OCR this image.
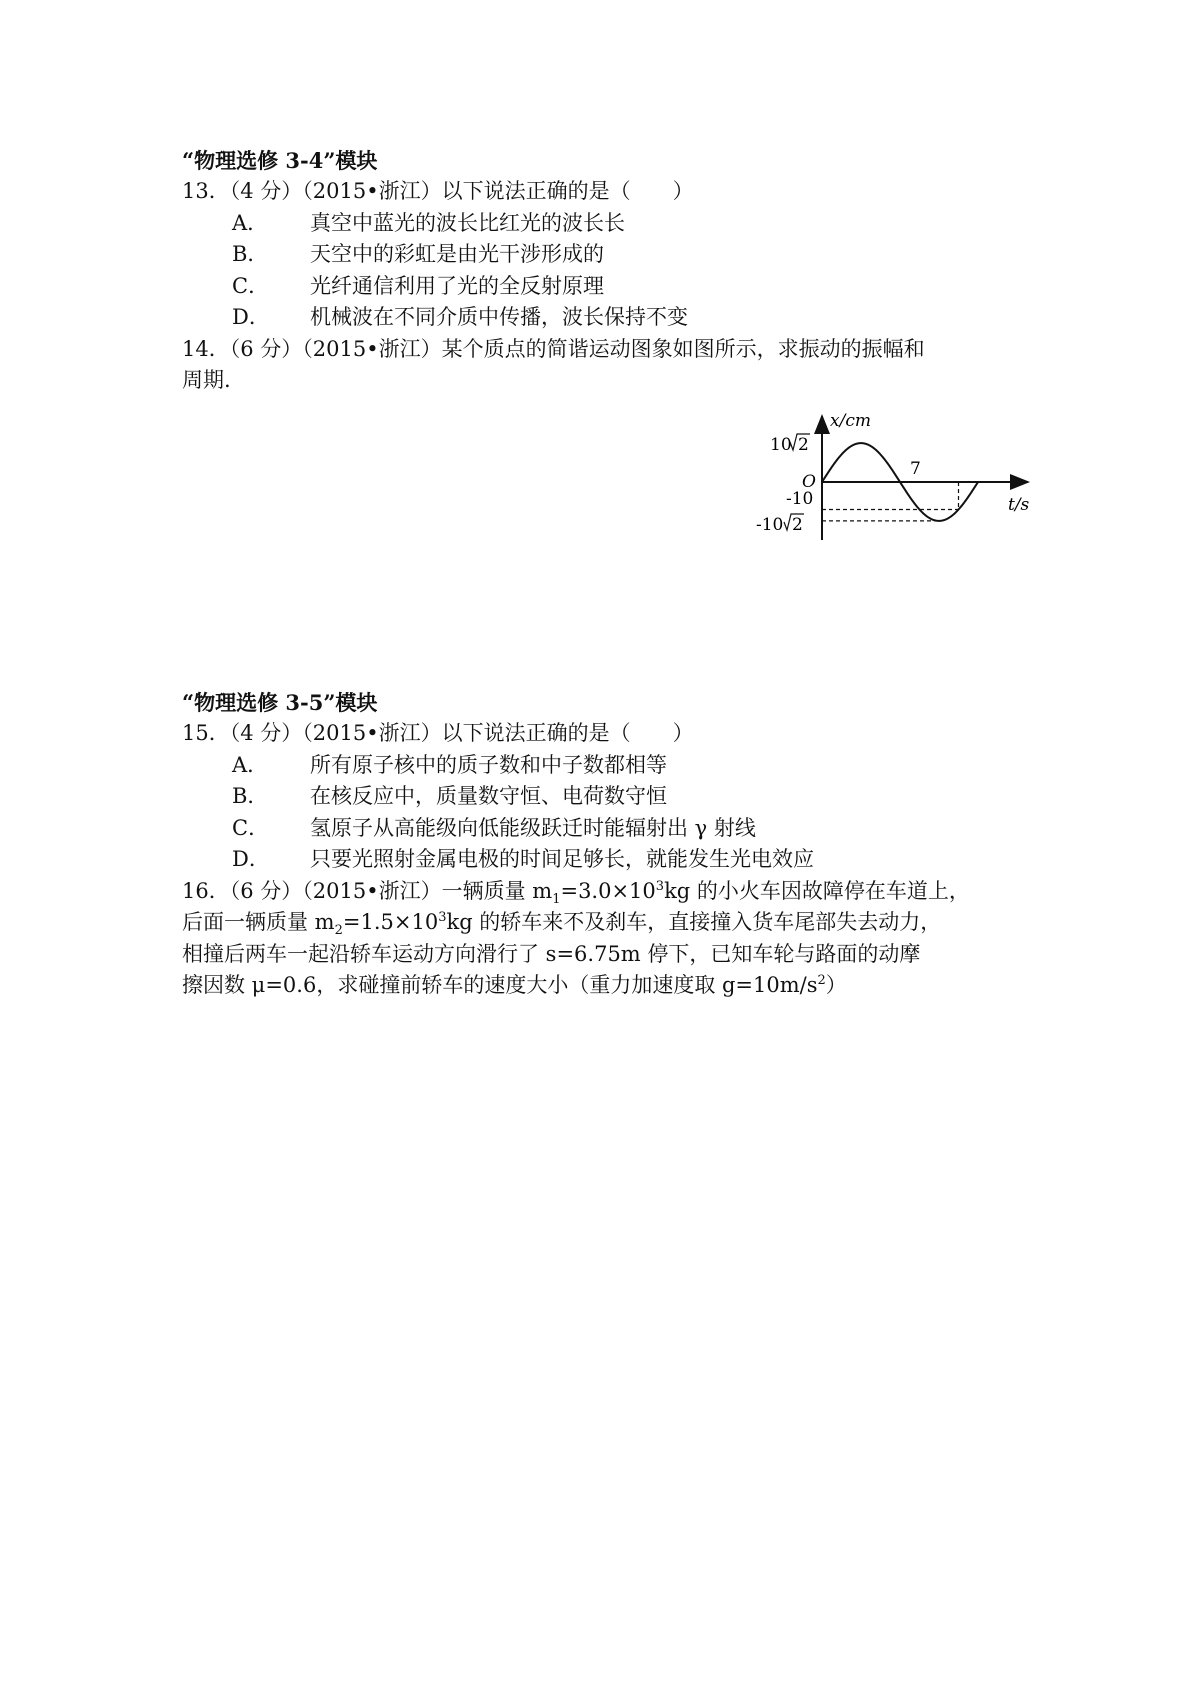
“物理选修 3-4”模块
13．（4 分）（2015•浙江）以下说法正确的是（　　）
A． 真空中蓝光的波长比红光的波长长
B． 天空中的彩虹是由光干涉形成的
C． 光纤通信利用了光的全反射原理
D． 机械波在不同介质中传播，波长保持不变
14．（6 分）（2015•浙江）某个质点的简谐运动图象如图所示，求振动的振幅和
周期.
x/cm
t/s
O
7
10 2
-10
-10 2
“物理选修 3-5”模块
15．（4 分）（2015•浙江）以下说法正确的是（　　）
A． 所有原子核中的质子数和中子数都相等
B． 在核反应中，质量数守恒、电荷数守恒
C． 氢原子从高能级向低能级跃迁时能辐射出 γ 射线
D． 只要光照射金属电极的时间足够长，就能发生光电效应
16．（6 分）（2015•浙江）一辆质量 $m_1=3.0\times 10^3kg$ 的小火车因故障停在车道上，
后面一辆质量 $m_2=1.5\times 10^3kg$ 的轿车来不及刹车，直接撞入货车尾部失去动力，
相撞后两车一起沿轿车运动方向滑行了 s=6.75m 停下，已知车轮与路面的动摩
擦因数 μ=0.6，求碰撞前轿车的速度大小（重力加速度取 $g=10m/s^2$）
